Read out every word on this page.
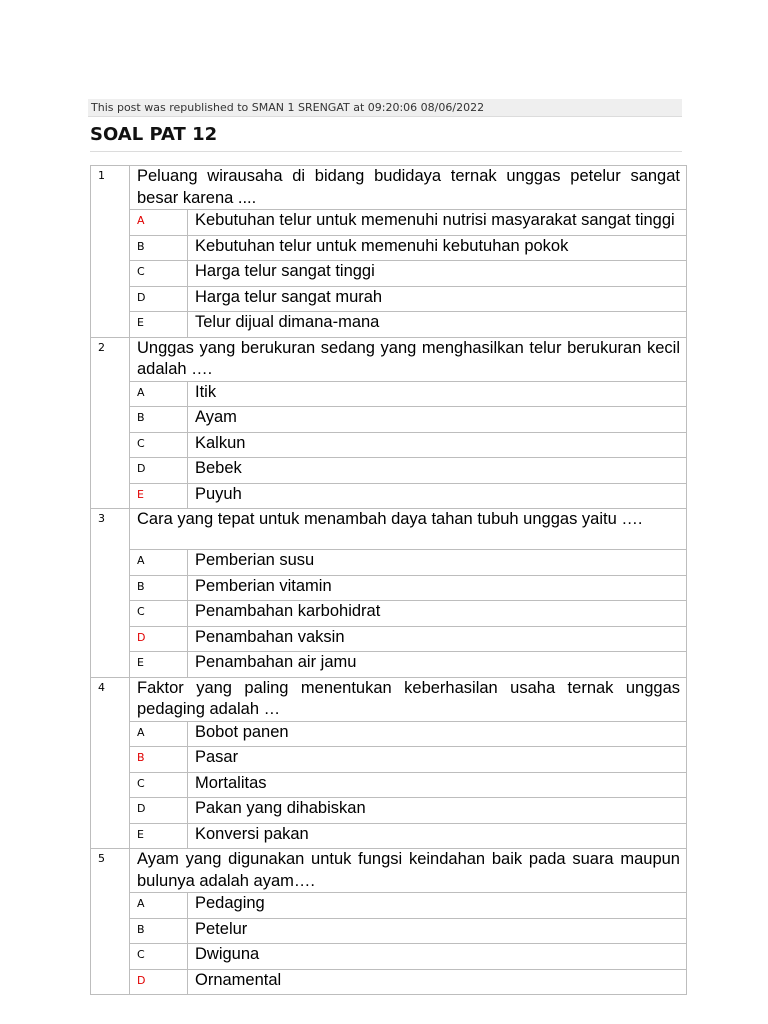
This post was republished to SMAN 1 SRENGAT at 09:20:06 08/06/2022
SOAL PAT 12
1	Peluang wirausaha di bidang budidaya ternak unggas petelur sangat besar karena ....	
	A	Kebutuhan telur untuk memenuhi nutrisi masyarakat sangat tinggi
	B	Kebutuhan telur untuk memenuhi kebutuhan pokok
	C	Harga telur sangat tinggi
	D	Harga telur sangat murah
	E	Telur dijual dimana-mana
2	Unggas yang berukuran sedang yang menghasilkan telur berukuran kecil adalah ….	
	A	Itik
	B	Ayam
	C	Kalkun
	D	Bebek
	E	Puyuh
3	Cara yang tepat untuk menambah daya tahan tubuh unggas yaitu ….	
	A	Pemberian susu
	B	Pemberian vitamin
	C	Penambahan karbohidrat
	D	Penambahan vaksin
	E	Penambahan air jamu
4	Faktor yang paling menentukan keberhasilan usaha ternak unggas pedaging adalah …	
	A	Bobot panen
	B	Pasar
	C	Mortalitas
	D	Pakan yang dihabiskan
	E	Konversi pakan
5	Ayam yang digunakan untuk fungsi keindahan baik pada suara maupun bulunya adalah ayam….	
	A	Pedaging
	B	Petelur
	C	Dwiguna
	D	Ornamental
